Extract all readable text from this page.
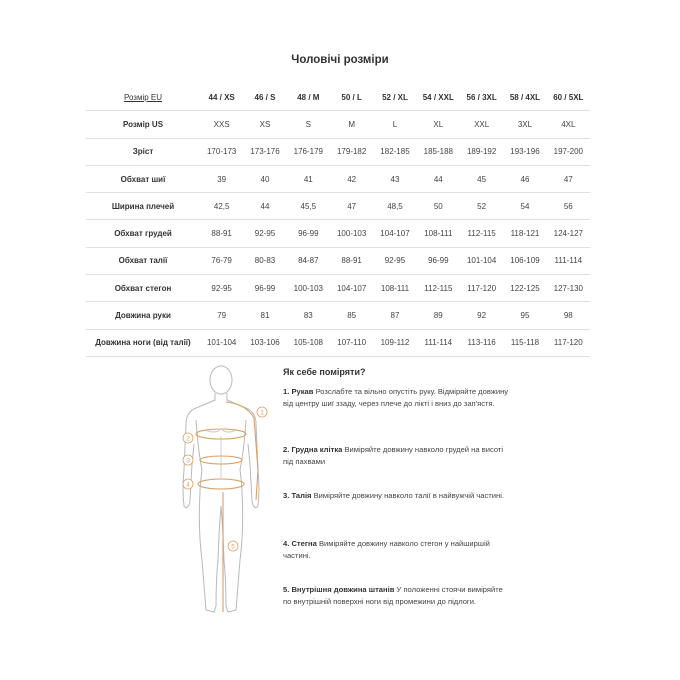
Чоловічі розміри
Розмір EU	44 / XS	46 / S	48 / M	50 / L	52 / XL	54 / XXL	56 / 3XL	58 / 4XL	60 / 5XL
Розмір US	XXS	XS	S	M	L	XL	XXL	3XL	4XL
Зріст	170-173	173-176	176-179	179-182	182-185	185-188	189-192	193-196	197-200
Обхват шиї	39	40	41	42	43	44	45	46	47
Ширина плечей	42,5	44	45,5	47	48,5	50	52	54	56
Обхват грудей	88-91	92-95	96-99	100-103	104-107	108-111	112-115	118-121	124-127
Обхват талії	76-79	80-83	84-87	88-91	92-95	96-99	101-104	106-109	111-114
Обхват стегон	92-95	96-99	100-103	104-107	108-111	112-115	117-120	122-125	127-130
Довжина руки	79	81	83	85	87	89	92	95	98
Довжина ноги (від талії)	101-104	103-106	105-108	107-110	109-112	111-114	113-116	115-118	117-120
1
2
3
4
5
Як себе поміряти?
1. Рукав Розслабте та вільно опустіть руку. Відміряйте довжину від центру шиї ззаду, через плече до лікті і вниз до зап'ястя.
2. Грудна клітка Виміряйте довжину навколо грудей на висоті під пахвами
3. Талія Виміряйте довжину навколо талії в найвужчій частині.
4. Стегна Виміряйте довжину навколо стегон у найширшій частині.
5. Внутрішня довжина штанів У положенні стоячи виміряйте по внутрішній поверхні ноги від промежини до підлоги.
